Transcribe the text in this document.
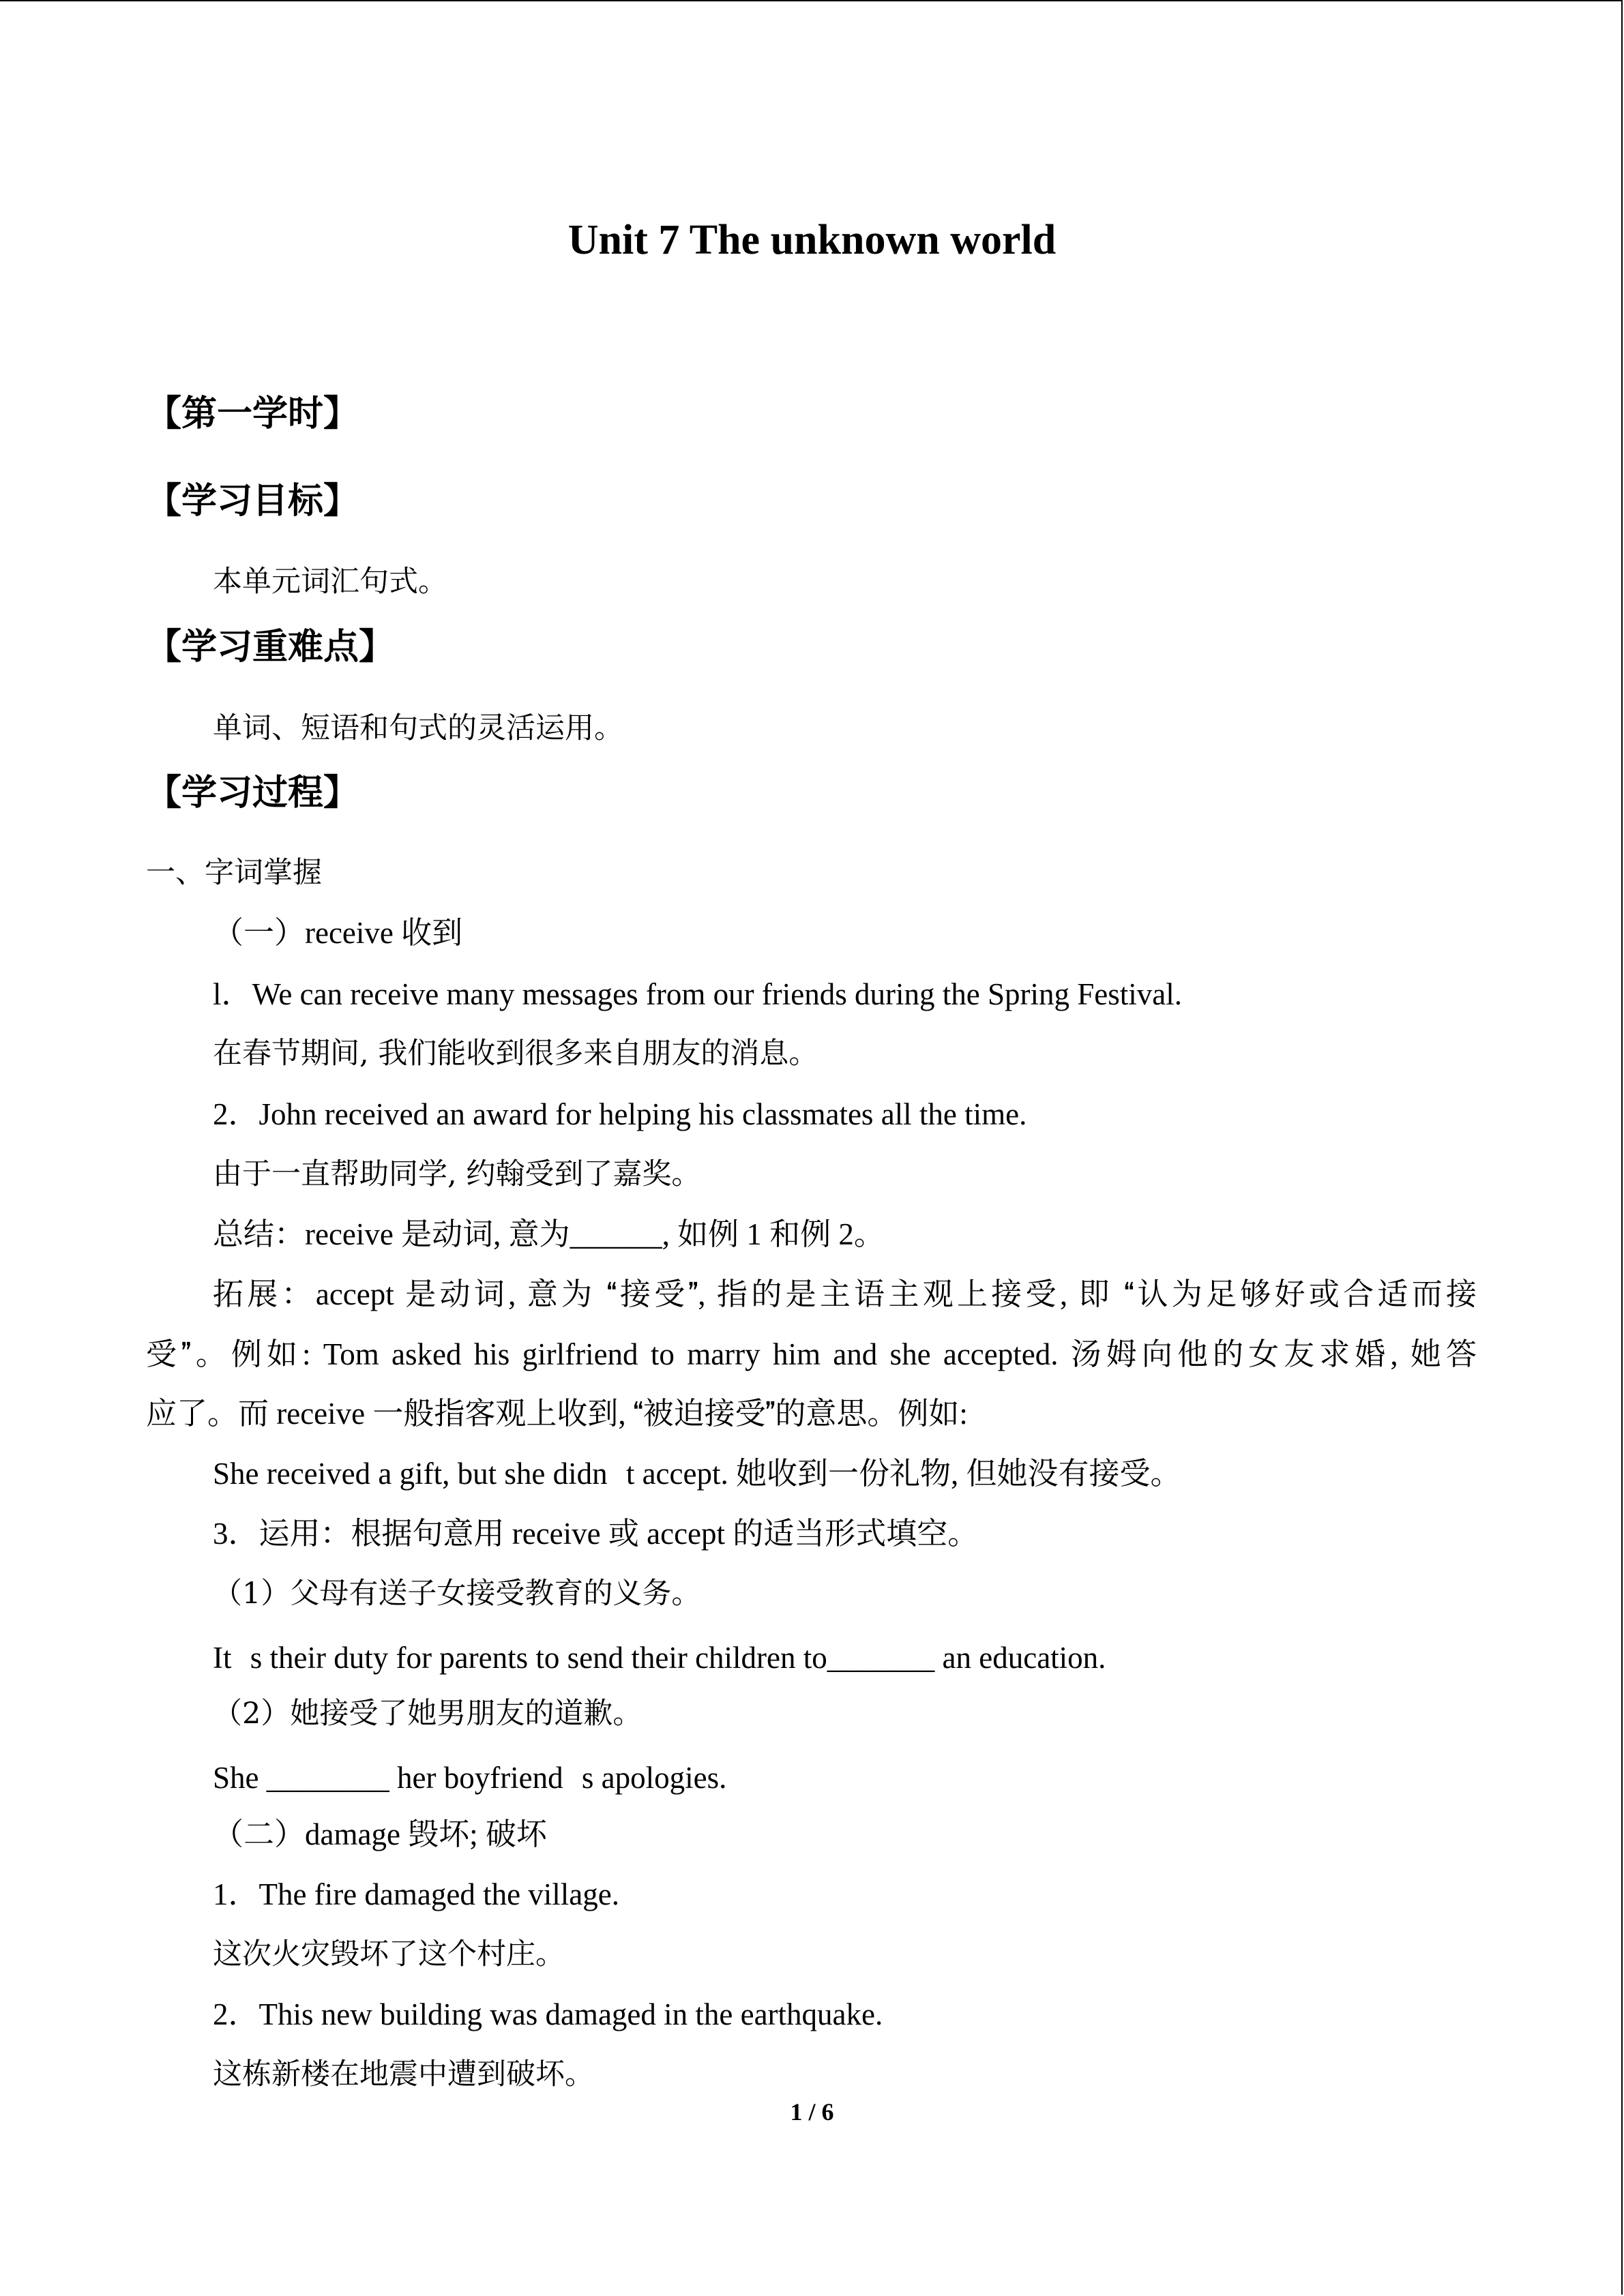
Unit 7 The unknown world
【第一学时】
【学习目标】
本单元词汇句式。
【学习重难点】
单词、短语和句式的灵活运用。
【学习过程】
一、字词掌握
（一）receive 收到
l．We can receive many messages from our friends during the Spring Festival.
在春节期间, 我们能收到很多来自朋友的消息。
2．John received an award for helping his classmates all the time.
由于一直帮助同学, 约翰受到了嘉奖。
总结：receive 是动词, 意为______, 如例 1 和例 2。
拓展：accept 是动词, 意为 接受, 指的是主语主观上接受, 即 认为足够好或合适而接
受。例如: Tom asked his girlfriend to marry him and she accepted. 汤姆向他的女友求婚, 她答
应了。而 receive 一般指客观上收到, 被迫接受的意思。例如:
She received a gift, but she didnt accept. 她收到一份礼物, 但她没有接受。
3．运用：根据句意用 receive 或 accept 的适当形式填空。
（1）父母有送子女接受教育的义务。
Its their duty for parents to send their children to_______ an education.
（2）她接受了她男朋友的道歉。
She ________ her boyfriends apologies.
（二）damage 毁坏; 破坏
1．The fire damaged the village.
这次火灾毁坏了这个村庄。
2．This new building was damaged in the earthquake.
这栋新楼在地震中遭到破坏。
1 / 6
